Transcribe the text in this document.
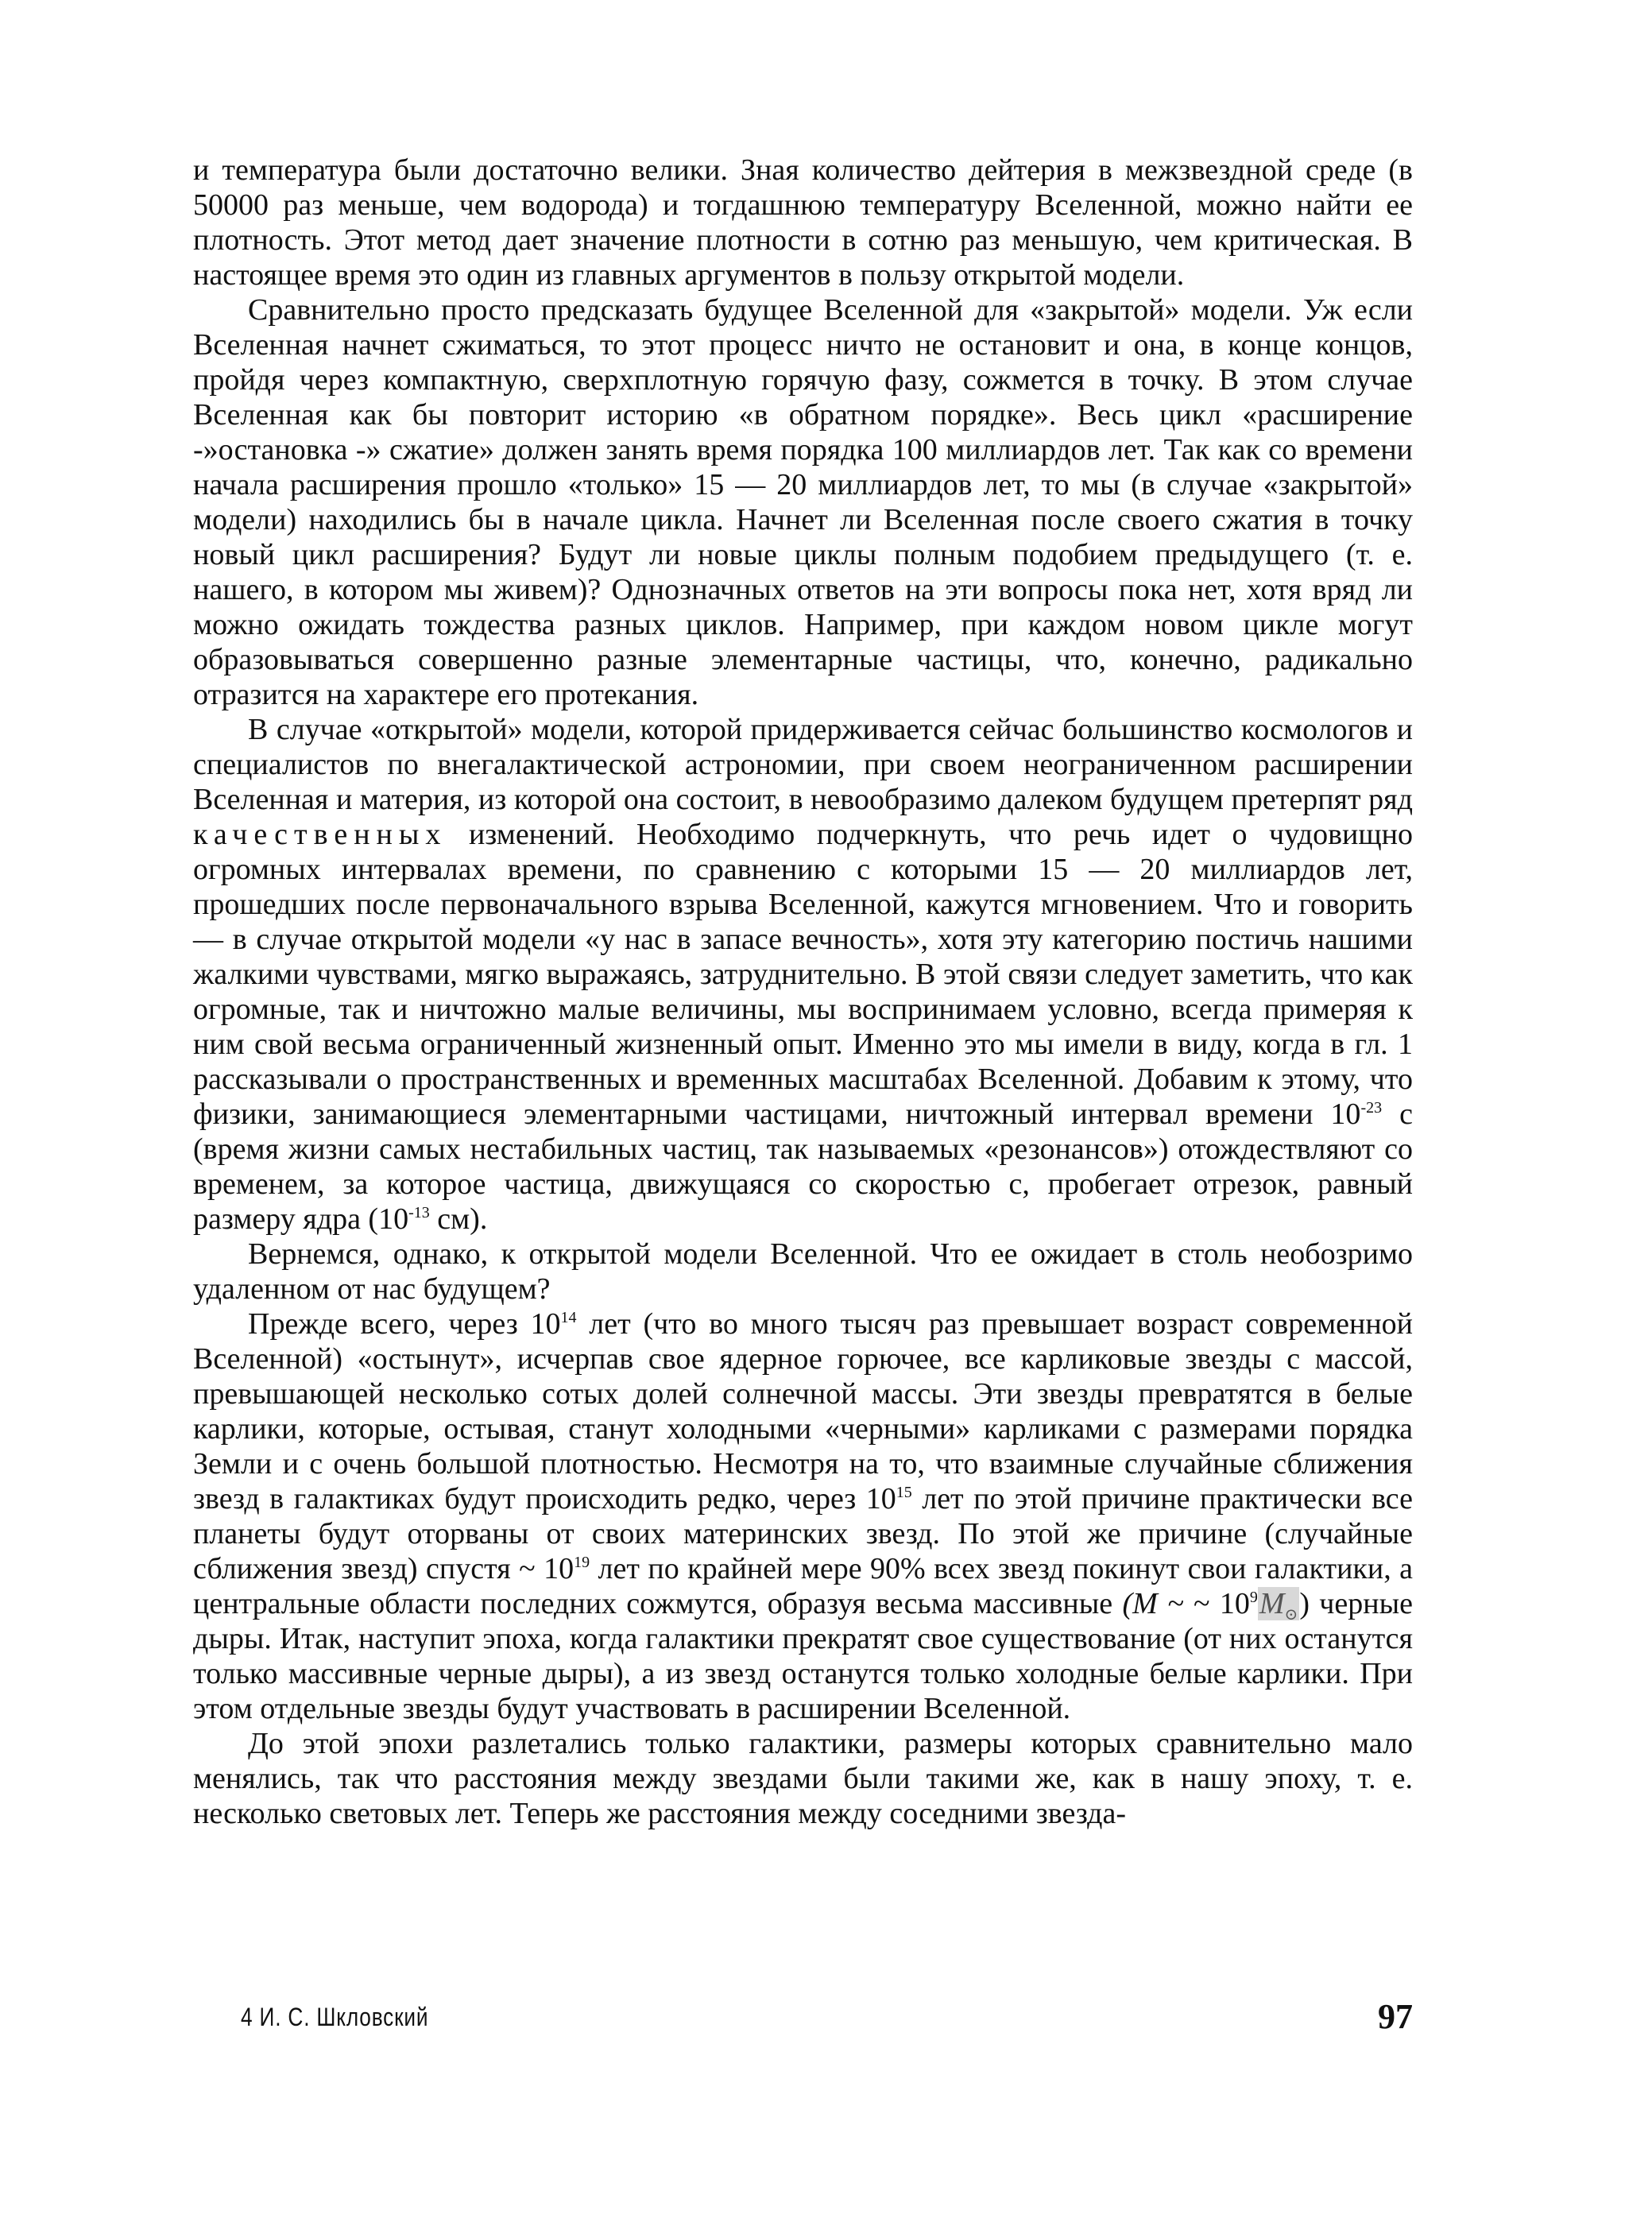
и температура были достаточно велики. Зная количество дейтерия в межзвездной среде (в 50000 раз меньше, чем водорода) и тогдашнюю температуру Вселенной, можно найти ее плотность. Этот метод дает значение плотности в сотню раз меньшую, чем критическая. В настоящее время это один из главных аргументов в пользу открытой модели.

Сравнительно просто предсказать будущее Вселенной для «закрытой» модели. Уж если Вселенная начнет сжиматься, то этот процесс ничто не остановит и она, в конце концов, пройдя через компактную, сверхплотную горячую фазу, сожмется в точку. В этом случае Вселенная как бы повторит историю «в обратном порядке». Весь цикл «расширение -»остановка -» сжатие» должен занять время порядка 100 миллиардов лет. Так как со времени начала расширения прошло «только» 15 — 20 миллиардов лет, то мы (в случае «закрытой» модели) находились бы в начале цикла. Начнет ли Вселенная после своего сжатия в точку новый цикл расширения? Будут ли новые циклы полным подобием предыдущего (т. е. нашего, в котором мы живем)? Однозначных ответов на эти вопросы пока нет, хотя вряд ли можно ожидать тождества разных циклов. Например, при каждом новом цикле могут образовываться совершенно разные элементарные частицы, что, конечно, радикально отразится на характере его протекания.

В случае «открытой» модели, которой придерживается сейчас большинство космологов и специалистов по внегалактической астрономии, при своем неограниченном расширении Вселенная и материя, из которой она состоит, в невообразимо далеком будущем претерпят ряд качественных изменений. Необходимо подчеркнуть, что речь идет о чудовищно огромных интервалах времени, по сравнению с которыми 15 — 20 миллиардов лет, прошедших после первоначального взрыва Вселенной, кажутся мгновением. Что и говорить — в случае открытой модели «у нас в запасе вечность», хотя эту категорию постичь нашими жалкими чувствами, мягко выражаясь, затруднительно. В этой связи следует заметить, что как огромные, так и ничтожно малые величины, мы воспринимаем условно, всегда примеряя к ним свой весьма ограниченный жизненный опыт. Именно это мы имели в виду, когда в гл. 1 рассказывали о пространственных и временных масштабах Вселенной. Добавим к этому, что физики, занимающиеся элементарными частицами, ничтожный интервал времени $10^{-23}$ с (время жизни самых нестабильных частиц, так называемых «резонансов») отождествляют со временем, за которое частица, движущаяся со скоростью с, пробегает отрезок, равный размеру ядра ($10^{-13}$ см).

Вернемся, однако, к открытой модели Вселенной. Что ее ожидает в столь необозримо удаленном от нас будущем?

Прежде всего, через $10^{14}$ лет (что во много тысяч раз превышает возраст современной Вселенной) «остынут», исчерпав свое ядерное горючее, все карликовые звезды с массой, превышающей несколько сотых долей солнечной массы. Эти звезды превратятся в белые карлики, которые, остывая, станут холодными «черными» карликами с размерами порядка Земли и с очень большой плотностью. Несмотря на то, что взаимные случайные сближения звезд в галактиках будут происходить редко, через $10^{15}$ лет по этой причине практически все планеты будут оторваны от своих материнских звезд. По этой же причине (случайные сближения звезд) спустя ~ $10^{19}$ лет по крайней мере 90% всех звезд покинут свои галактики, а центральные области последних сожмутся, образуя весьма массивные (M ~ ~ $10^9M_⊙$) черные дыры. Итак, наступит эпоха, когда галактики прекратят свое существование (от них останутся только массивные черные дыры), а из звезд останутся только холодные белые карлики. При этом отдельные звезды будут участвовать в расширении Вселенной.

До этой эпохи разлетались только галактики, размеры которых сравнительно мало менялись, так что расстояния между звездами были такими же, как в нашу эпоху, т. е. несколько световых лет. Теперь же расстояния между соседними звезда-

4 И. С. Шкловский	97
